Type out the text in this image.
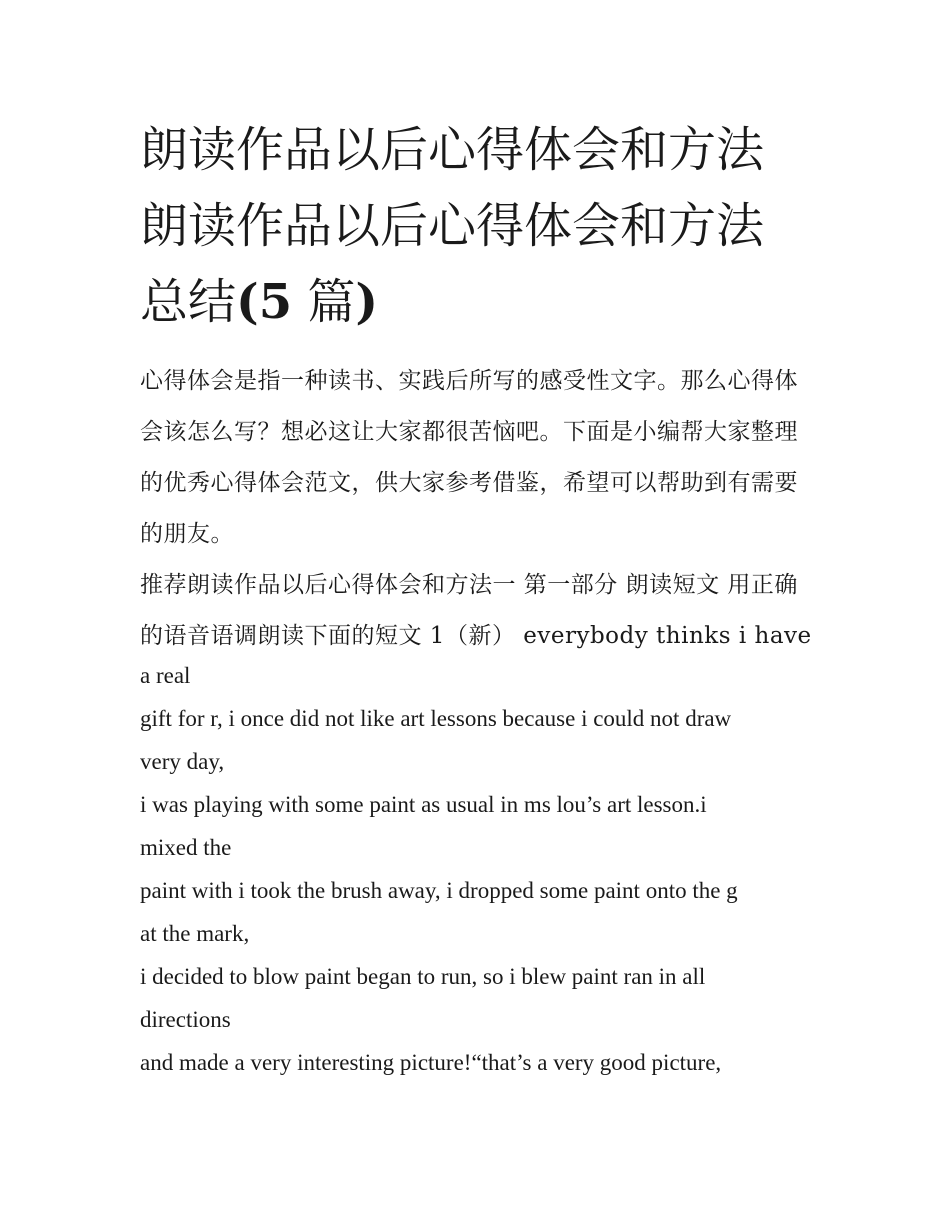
朗读作品以后心得体会和方法
朗读作品以后心得体会和方法
总结(5 篇)

心得体会是指一种读书、实践后所写的感受性文字。那么心得体会该怎么写？想必这让大家都很苦恼吧。下面是小编帮大家整理的优秀心得体会范文，供大家参考借鉴，希望可以帮助到有需要的朋友。

推荐朗读作品以后心得体会和方法一 第一部分 朗读短文 用正确的语音语调朗读下面的短文 1（新） everybody thinks i have

a real

gift for r, i once did not like art lessons because i could not draw

very day,

i was playing with some paint as usual in ms lou’s art lesson.i

mixed the

paint with i took the brush away, i dropped some paint onto the g

at the mark,

i decided to blow paint began to run, so i blew paint ran in all

directions

and made a very interesting picture!“that’s a very good picture,
